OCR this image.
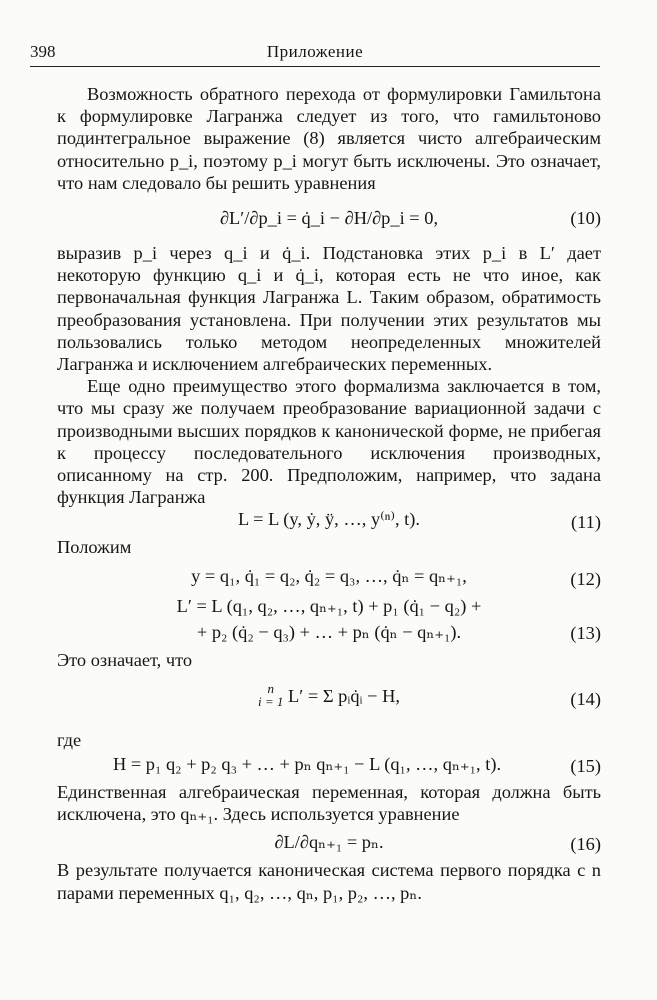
398	Приложение

Возможность обратного перехода от формулировки Гамильтона к формулировке Лагранжа следует из того, что гамильтоново подинтегральное выражение (8) является чисто алгебраическим относительно p_i, поэтому p_i могут быть исключены. Это означает, что нам следовало бы решить уравнения

∂L′/∂p_i = q̇_i − ∂H/∂p_i = 0,	(10)

выразив p_i через q_i и q̇_i. Подстановка этих p_i в L′ дает некоторую функцию q_i и q̇_i, которая есть не что иное, как первоначальная функция Лагранжа L. Таким образом, обратимость преобразования установлена. При получении этих результатов мы пользовались только методом неопределенных множителей Лагранжа и исключением алгебраических переменных.

Еще одно преимущество этого формализма заключается в том, что мы сразу же получаем преобразование вариационной задачи с производными высших порядков к канонической форме, не прибегая к процессу последовательного исключения производных, описанному на стр. 200. Предположим, например, что задана функция Лагранжа

L = L (y, ẏ, ÿ, …, y⁽ⁿ⁾, t).	(11)

Положим

y = q₁, q̇₁ = q₂, q̇₂ = q₃, …, q̇ₙ = qₙ₊₁,	(12)
L′ = L (q₁, q₂, …, qₙ₊₁, t) + p₁ (q̇₁ − q₂) +
+ p₂ (q̇₂ − q₃) + … + pₙ (q̇ₙ − qₙ₊₁).	(13)

Это означает, что

n
i = 1 L′ = Σ pᵢq̇ᵢ − H,	(14)

где

H = p₁ q₂ + p₂ q₃ + … + pₙ qₙ₊₁ − L (q₁, …, qₙ₊₁, t).	(15)

Единственная алгебраическая переменная, которая должна быть исключена, это qₙ₊₁. Здесь используется уравнение

∂L/∂qₙ₊₁ = pₙ.	(16)

В результате получается каноническая система первого порядка с n парами переменных q₁, q₂, …, qₙ, p₁, p₂, …, pₙ.
